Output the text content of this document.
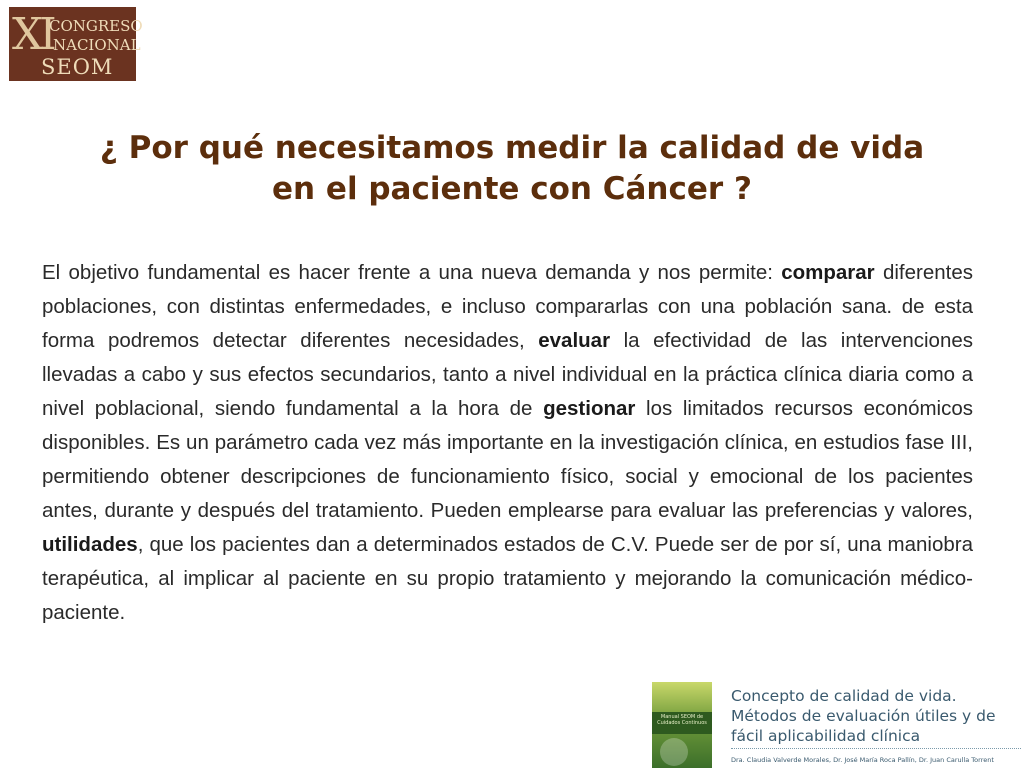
XI
CONGRESO
NACIONAL
SEOM
¿ Por qué necesitamos medir la calidad de vida
en el paciente con Cáncer ?

El objetivo fundamental es hacer frente a una nueva demanda y nos permite: comparar diferentes poblaciones, con distintas enfermedades, e incluso compararlas con una población sana. de esta forma podremos detectar diferentes necesidades, evaluar la efectividad de las intervenciones llevadas a cabo y sus efectos secundarios, tanto a nivel individual en la práctica clínica diaria como a nivel poblacional, siendo fundamental a la hora de gestionar los limitados recursos económicos disponibles. Es un parámetro cada vez más importante en la investigación clínica, en estudios fase III, permitiendo obtener descripciones de funcionamiento físico, social y emocional de los pacientes antes, durante y después del tratamiento. Pueden emplearse para evaluar las preferencias y valores, utilidades, que los pacientes dan a determinados estados de C.V. Puede ser de por sí, una maniobra terapéutica, al implicar al paciente en su propio tratamiento y mejorando la comunicación médico-paciente.

Manual SEOM de Cuidados Continuos

Concepto de calidad de vida.
Métodos de evaluación útiles y de
fácil aplicabilidad clínica

Dra. Claudia Valverde Morales, Dr. José María Roca Pallín, Dr. Juan Carulla Torrent
